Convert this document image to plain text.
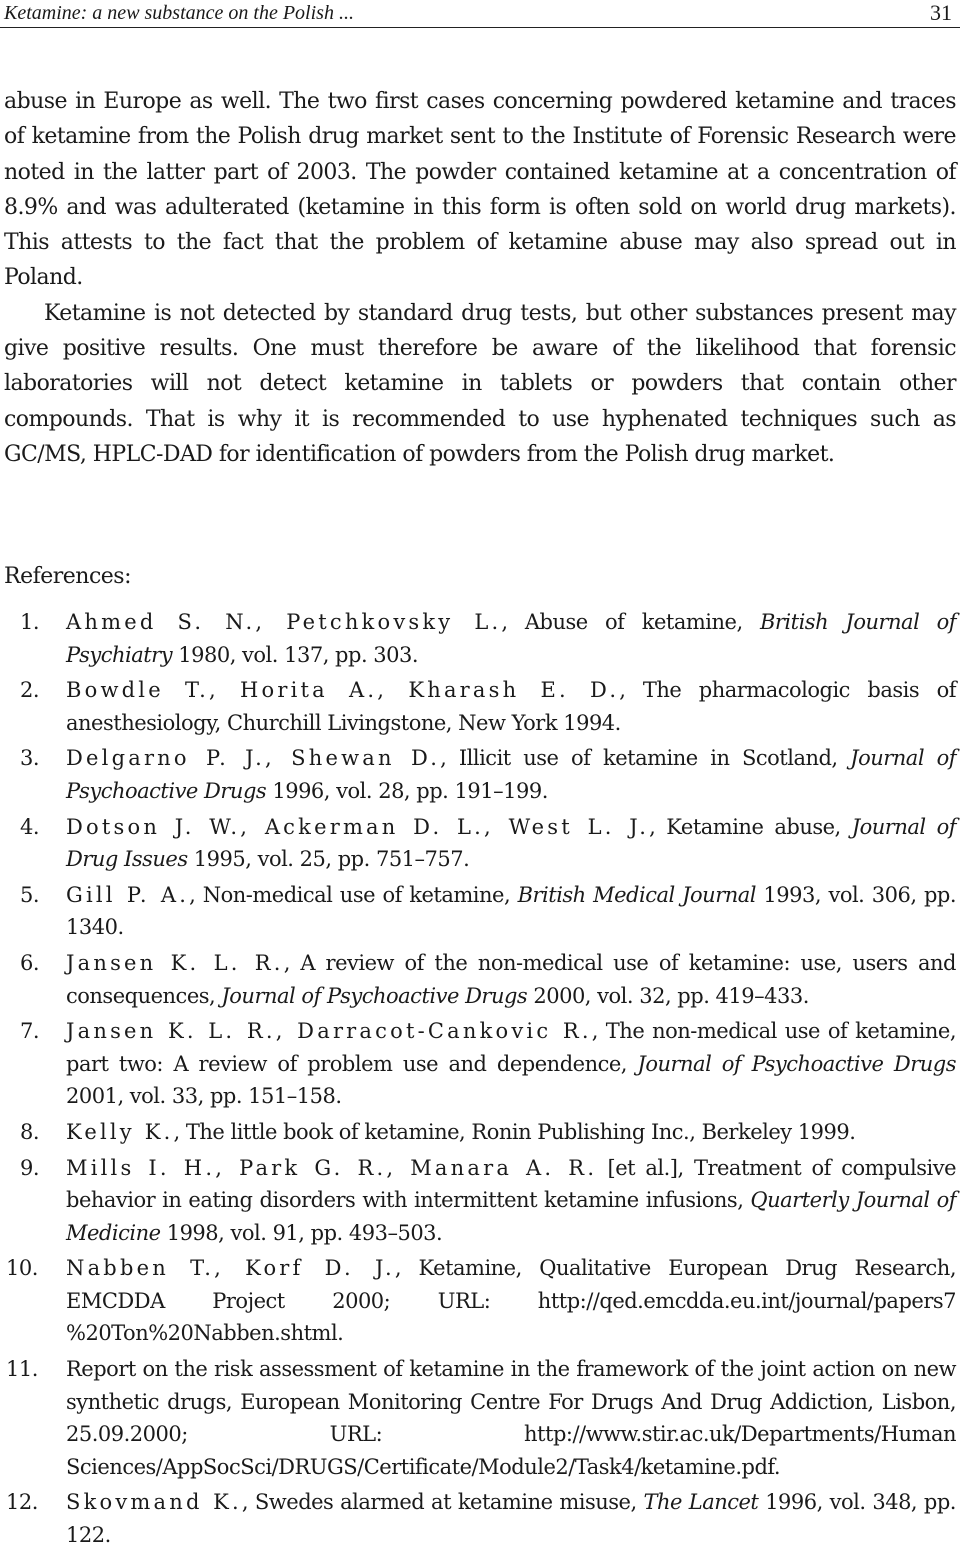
Ketamine: a new substance on the Polish ...	31

abuse in Europe as well. The two first cases concerning powdered ketamine and traces of ketamine from the Polish drug market sent to the Institute of Forensic Research were noted in the latter part of 2003. The powder contained ketamine at a concentration of 8.9% and was adulterated (ketamine in this form is often sold on world drug markets). This attests to the fact that the problem of ketamine abuse may also spread out in Poland.

Ketamine is not detected by standard drug tests, but other substances present may give positive results. One must therefore be aware of the likelihood that forensic laboratories will not detect ketamine in tablets or powders that contain other compounds. That is why it is recommended to use hyphenated techniques such as GC/MS, HPLC-DAD for identification of powders from the Polish drug market.

References:
1. Ahmed S. N., Petchkovsky L., Abuse of ketamine, British Journal of Psychiatry 1980, vol. 137, pp. 303.
2. Bowdle T., Horita A., Kharash E. D., The pharmacologic basis of anesthesiology, Churchill Livingstone, New York 1994.
3. Delgarno P. J., Shewan D., Illicit use of ketamine in Scotland, Journal of Psychoactive Drugs 1996, vol. 28, pp. 191–199.
4. Dotson J. W., Ackerman D. L., West L. J., Ketamine abuse, Journal of Drug Issues 1995, vol. 25, pp. 751–757.
5. Gill P. A., Non-medical use of ketamine, British Medical Journal 1993, vol. 306, pp. 1340.
6. Jansen K. L. R., A review of the non-medical use of ketamine: use, users and consequences, Journal of Psychoactive Drugs 2000, vol. 32, pp. 419–433.
7. Jansen K. L. R., Darracot-Cankovic R., The non-medical use of ketamine, part two: A review of problem use and dependence, Journal of Psychoactive Drugs 2001, vol. 33, pp. 151–158.
8. Kelly K., The little book of ketamine, Ronin Publishing Inc., Berkeley 1999.
9. Mills I. H., Park G. R., Manara A. R. [et al.], Treatment of compulsive behavior in eating disorders with intermittent ketamine infusions, Quarterly Journal of Medicine 1998, vol. 91, pp. 493–503.
10. Nabben T., Korf D. J., Ketamine, Qualitative European Drug Research, EMCDDA Project 2000; URL: http://qed.emcdda.eu.int/journal/papers7 %20Ton%20Nabben.shtml.
11. Report on the risk assessment of ketamine in the framework of the joint action on new synthetic drugs, European Monitoring Centre For Drugs And Drug Addiction, Lisbon, 25.09.2000; URL: http://www.stir.ac.uk/Departments/Human Sciences/AppSocSci/DRUGS/Certificate/Module2/Task4/ketamine.pdf.
12. Skovmand K., Swedes alarmed at ketamine misuse, The Lancet 1996, vol. 348, pp. 122.
